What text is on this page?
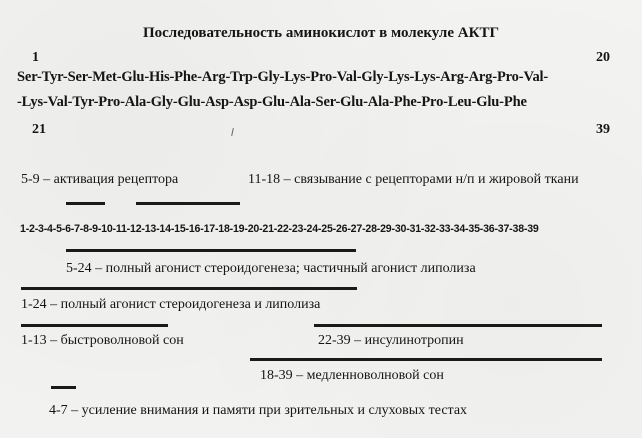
Последовательность аминокислот в молекуле АКТГ
1	20
Ser-Tyr-Ser-Met-Glu-His-Phe-Arg-Trp-Gly-Lys-Pro-Val-Gly-Lys-Lys-Arg-Arg-Pro-Val-
-Lys-Val-Tyr-Pro-Ala-Gly-Glu-Asp-Asp-Glu-Ala-Ser-Glu-Ala-Phe-Pro-Leu-Glu-Phe
21	39
5-9 – активация рецептора	11-18 – связывание с рецепторами н/п и жировой ткани
1-2-3-4-5-6-7-8-9-10-11-12-13-14-15-16-17-18-19-20-21-22-23-24-25-26-27-28-29-30-31-32-33-34-35-36-37-38-39
5-24 – полный агонист стероидогенеза; частичный агонист липолиза
1-24 – полный агонист стероидогенеза и липолиза
1-13 – быстроволновой сон	22-39 – инсулинотропин
18-39 – медленноволновой сон
4-7 – усиление внимания и памяти при зрительных и слуховых тестах
